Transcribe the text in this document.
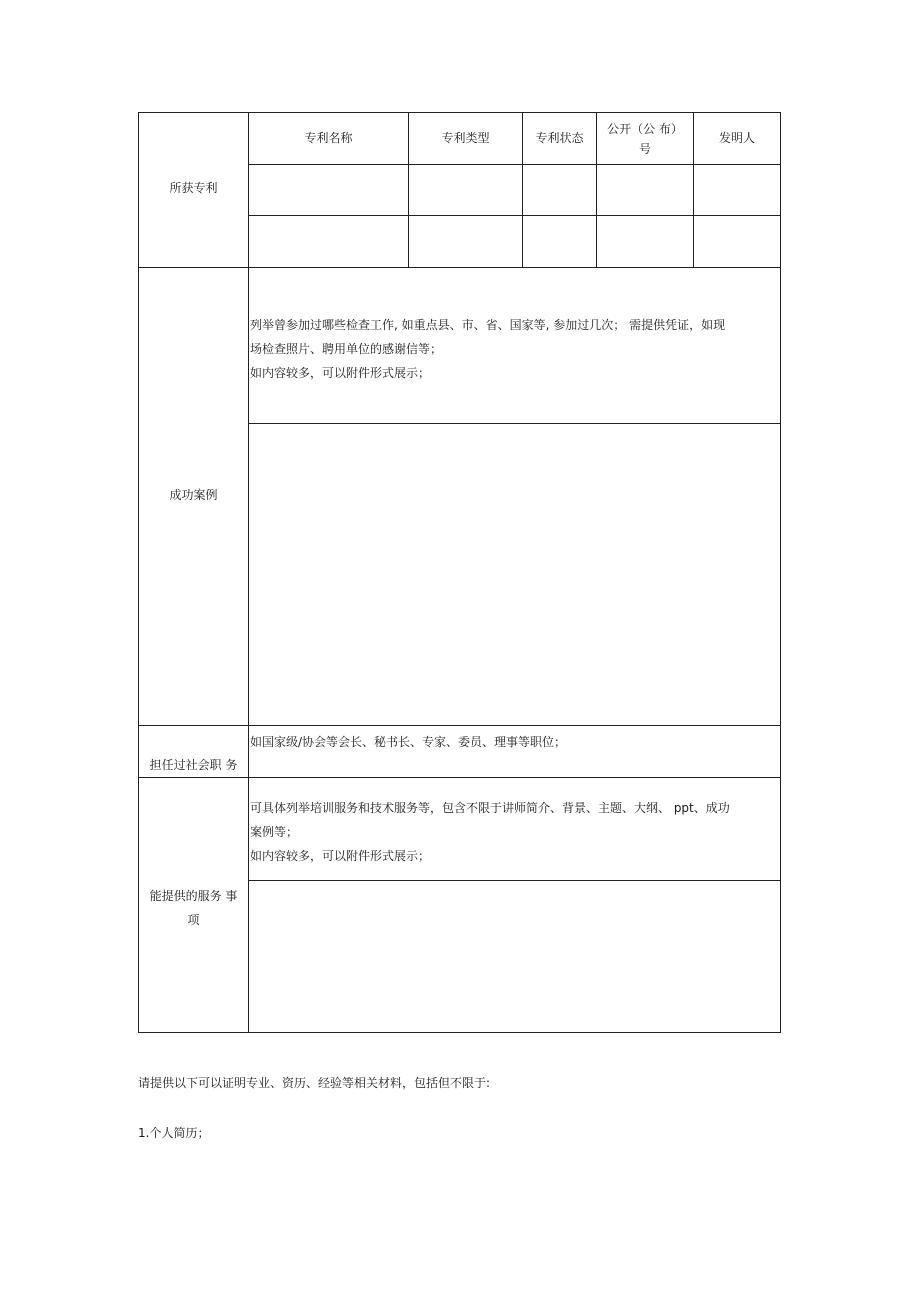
所获专利
专利名称	专利类型	专利状态
公开（公 布）
号
发明人
成功案例
列举曾参加过哪些检查工作, 如重点县、市、省、国家等, 参加过几次； 需提供凭证，如现
场检查照片、聘用单位的感谢信等；
如内容较多，可以附件形式展示；
担任过社会职 务
如国家级/协会等会长、秘书长、专家、委员、理事等职位；
能提供的服务 事
项
可具体列举培训服务和技术服务等，包含不限于讲师简介、背景、主题、大纲、 ppt、成功
案例等；
如内容较多，可以附件形式展示；
请提供以下可以证明专业、资历、经验等相关材料，包括但不限于:
1.个人简历；
